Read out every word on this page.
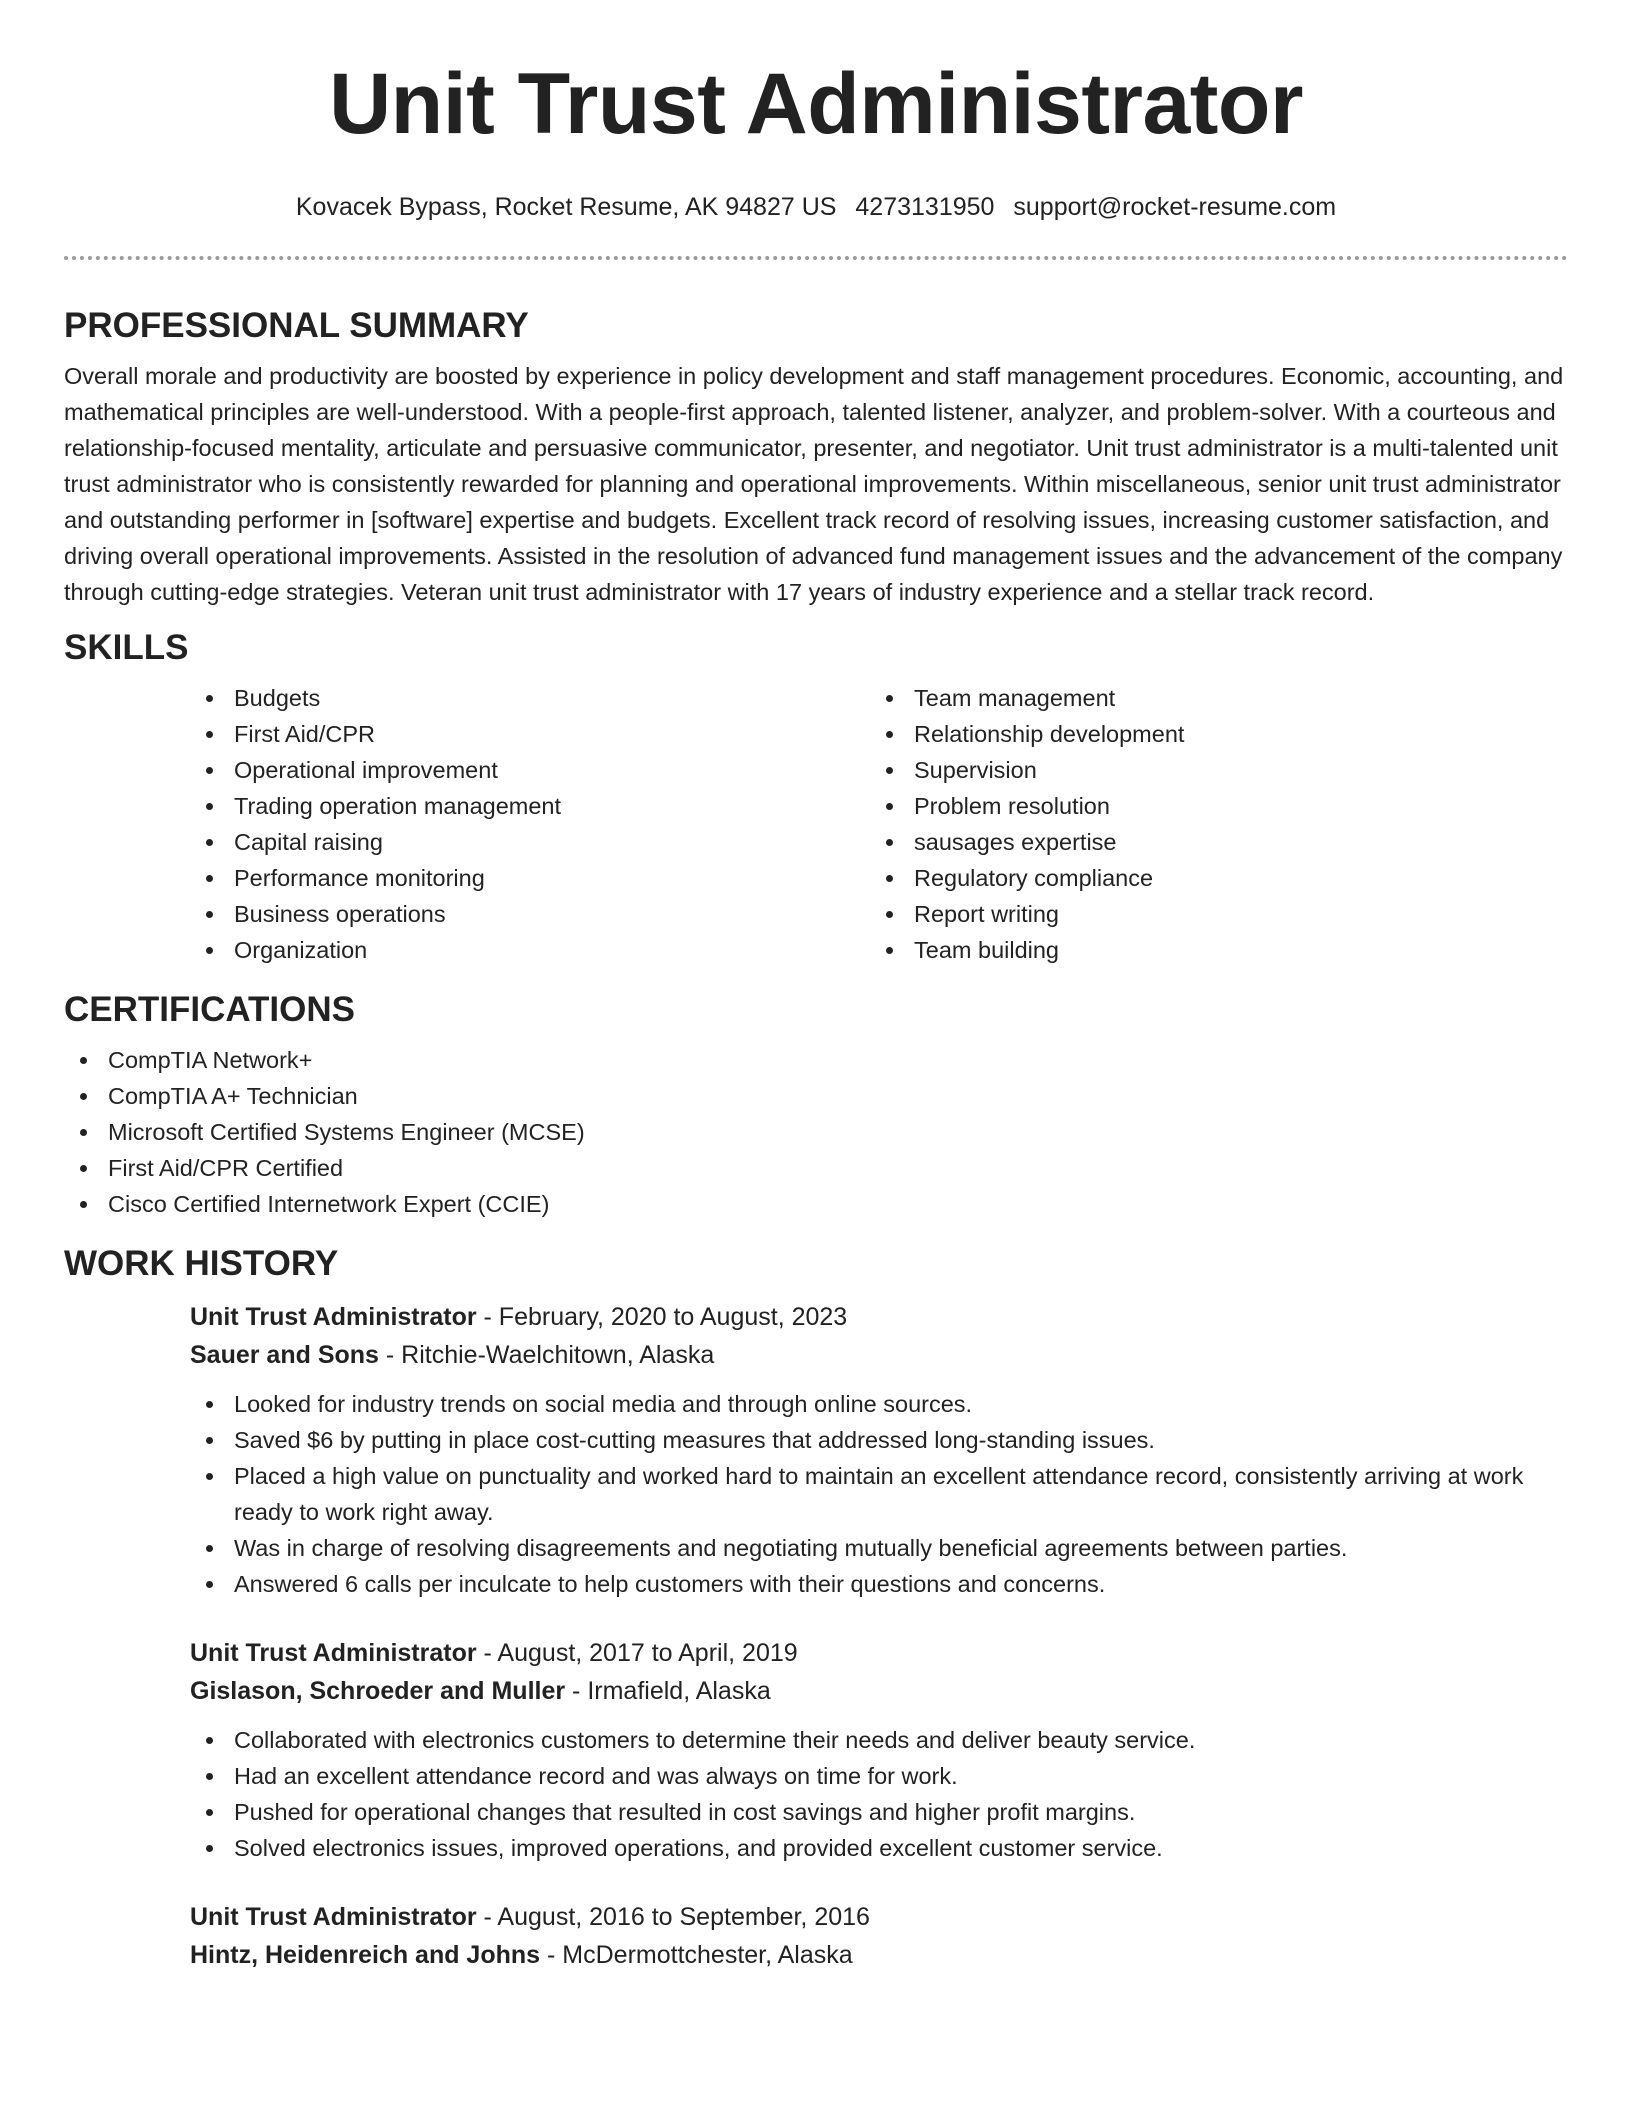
Unit Trust Administrator
Kovacek Bypass, Rocket Resume, AK 94827 US 4273131950 support@rocket-resume.com
PROFESSIONAL SUMMARY

Overall morale and productivity are boosted by experience in policy development and staff management procedures. Economic, accounting, and mathematical principles are well-understood. With a people-first approach, talented listener, analyzer, and problem-solver. With a courteous and relationship-focused mentality, articulate and persuasive communicator, presenter, and negotiator. Unit trust administrator is a multi-talented unit trust administrator who is consistently rewarded for planning and operational improvements. Within miscellaneous, senior unit trust administrator and outstanding performer in [software] expertise and budgets. Excellent track record of resolving issues, increasing customer satisfaction, and driving overall operational improvements. Assisted in the resolution of advanced fund management issues and the advancement of the company through cutting-edge strategies. Veteran unit trust administrator with 17 years of industry experience and a stellar track record.

SKILLS
Budgets
First Aid/CPR
Operational improvement
Trading operation management
Capital raising
Performance monitoring
Business operations
Organization
Team management
Relationship development
Supervision
Problem resolution
sausages expertise
Regulatory compliance
Report writing
Team building
CERTIFICATIONS
CompTIA Network+
CompTIA A+ Technician
Microsoft Certified Systems Engineer (MCSE)
First Aid/CPR Certified
Cisco Certified Internetwork Expert (CCIE)
WORK HISTORY
Unit Trust Administrator - February, 2020 to August, 2023
Sauer and Sons - Ritchie-Waelchitown, Alaska
Looked for industry trends on social media and through online sources.
Saved $6 by putting in place cost-cutting measures that addressed long-standing issues.
Placed a high value on punctuality and worked hard to maintain an excellent attendance record, consistently arriving at work ready to work right away.
Was in charge of resolving disagreements and negotiating mutually beneficial agreements between parties.
Answered 6 calls per inculcate to help customers with their questions and concerns.
Unit Trust Administrator - August, 2017 to April, 2019
Gislason, Schroeder and Muller - Irmafield, Alaska
Collaborated with electronics customers to determine their needs and deliver beauty service.
Had an excellent attendance record and was always on time for work.
Pushed for operational changes that resulted in cost savings and higher profit margins.
Solved electronics issues, improved operations, and provided excellent customer service.
Unit Trust Administrator - August, 2016 to September, 2016
Hintz, Heidenreich and Johns - McDermottchester, Alaska
